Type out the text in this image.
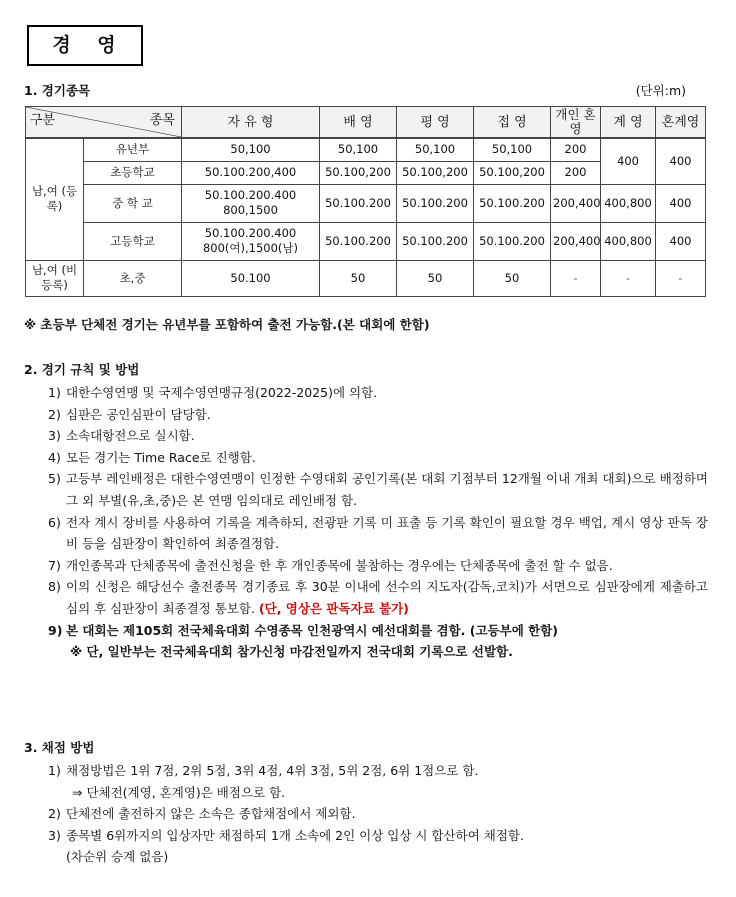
경 영
1. 경기종목	(단위:m)
구분 종목		자 유 형	배 영	평 영	접 영	개인 혼영	계 영	혼계영
남,여 (등록)	유년부	50,100	50,100	50,100	50,100	200	400	400
	초등학교	50.100.200,400	50.100,200	50.100,200	50.100,200	200		
	중 학 교	50.100.200.400
800,1500	50.100.200	50.100.200	50.100.200	200,400	400,800	400
	고등학교	50.100.200.400
800(여),1500(남)	50.100.200	50.100.200	50.100.200	200,400	400,800	400
남,여 (비등록)	초,중	50.100	50	50	50	-	-	-
※ 초등부 단체전 경기는 유년부를 포함하여 출전 가능함.(본 대회에 한함)
2. 경기 규칙 및 방법
1) 대한수영연맹 및 국제수영연맹규정(2022-2025)에 의함.
2) 심판은 공인심판이 담당함.
3) 소속대항전으로 실시함.
4) 모든 경기는 Time Race로 진행함.
5) 고등부 레인배정은 대한수영연맹이 인정한 수영대회 공인기록(본 대회 기점부터 12개월 이내 개최 대회)으로 배정하며 그 외 부별(유,초,중)은 본 연맹 임의대로 레인배정 함.
6) 전자 계시 장비를 사용하여 기록을 계측하되, 전광판 기록 미 표출 등 기록 확인이 필요할 경우 백업, 계시 영상 판독 장비 등을 심판장이 확인하여 최종결정함.
7) 개인종목과 단체종목에 출전신청을 한 후 개인종목에 불참하는 경우에는 단체종목에 출전 할 수 없음.
8) 이의 신청은 해당선수 출전종목 경기종료 후 30분 이내에 선수의 지도자(감독,코치)가 서면으로 심판장에게 제출하고 심의 후 심판장이 최종결정 통보함. (단, 영상은 판독자료 불가)
9) 본 대회는 제105회 전국체육대회 수영종목 인천광역시 예선대회를 겸함. (고등부에 한함)
※ 단, 일반부는 전국체육대회 참가신청 마감전일까지 전국대회 기록으로 선발함.
3. 채점 방법
1) 채점방법은 1위 7점, 2위 5점, 3위 4점, 4위 3점, 5위 2점, 6위 1점으로 함.
⇒ 단체전(계영, 혼계영)은 배점으로 함.
2) 단체전에 출전하지 않은 소속은 종합채점에서 제외함.
3) 종목별 6위까지의 입상자만 채점하되 1개 소속에 2인 이상 입상 시 합산하여 채점함.
(차순위 승계 없음)
